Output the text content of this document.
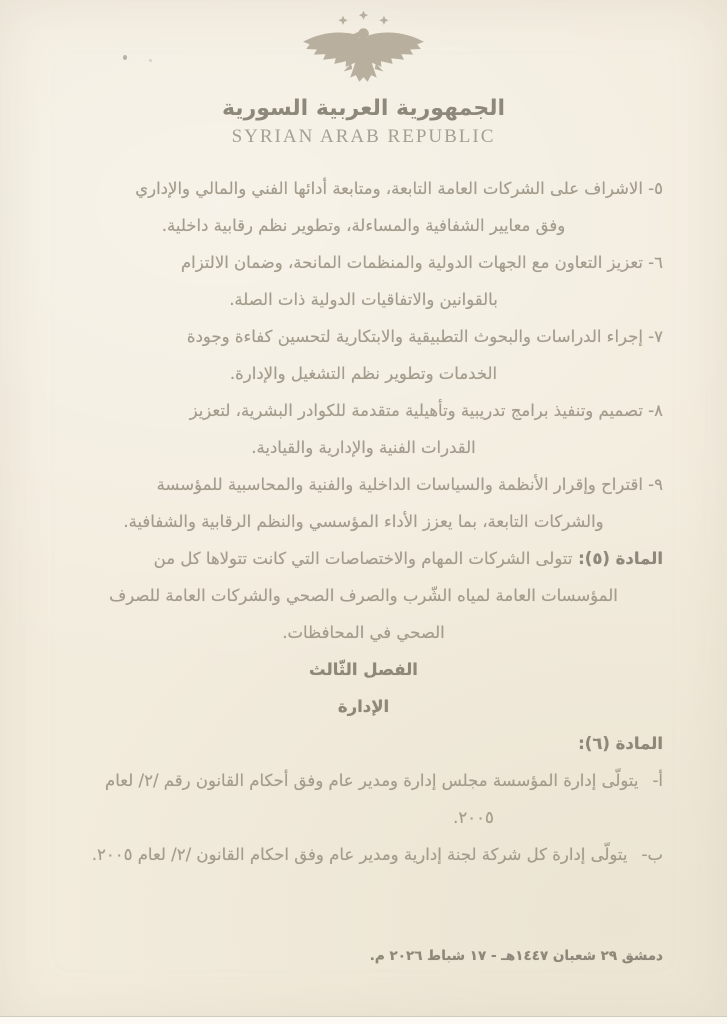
الجمهورية العربية السورية
SYRIAN ARAB REPUBLIC
٥- الاشراف على الشركات العامة التابعة، ومتابعة أدائها الفني والمالي والإداري
وفق معايير الشفافية والمساءلة، وتطوير نظم رقابية داخلية.
٦- تعزيز التعاون مع الجهات الدولية والمنظمات المانحة، وضمان الالتزام
بالقوانين والاتفاقيات الدولية ذات الصلة.
٧- إجراء الدراسات والبحوث التطبيقية والابتكارية لتحسين كفاءة وجودة
الخدمات وتطوير نظم التشغيل والإدارة.
٨- تصميم وتنفيذ برامج تدريبية وتأهيلية متقدمة للكوادر البشرية، لتعزيز
القدرات الفنية والإدارية والقيادية.
٩- اقتراح وإقرار الأنظمة والسياسات الداخلية والفنية والمحاسبية للمؤسسة
والشركات التابعة، بما يعزز الأداء المؤسسي والنظم الرقابية والشفافية.
المادة (٥): تتولى الشركات المهام والاختصاصات التي كانت تتولاها كل من
المؤسسات العامة لمياه الشّرب والصرف الصحي والشركات العامة للصرف
الصحي في المحافظات.
الفصل الثّالث
الإدارة
المادة (٦):
أ-يتولّى إدارة المؤسسة مجلس إدارة ومدير عام وفق أحكام القانون رقم /٢/ لعام
٢٠٠٥.
ب-يتولّى إدارة كل شركة لجنة إدارية ومدير عام وفق احكام القانون /٢/ لعام ٢٠٠٥.
دمشق ٢٩ شعبان ١٤٤٧هـ - ١٧ شباط ٢٠٢٦ م.
